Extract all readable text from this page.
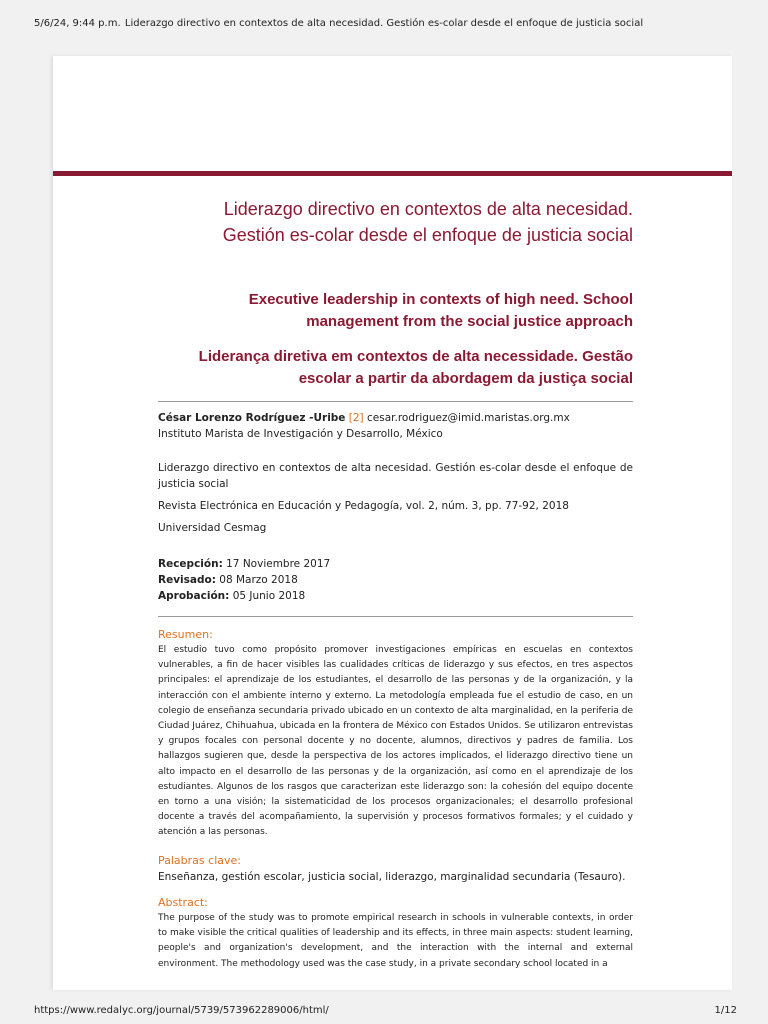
5/6/24, 9:44 p.m. Liderazgo directivo en contextos de alta necesidad. Gestión es-colar desde el enfoque de justicia social
Liderazgo directivo en contextos de alta necesidad. Gestión es-colar desde el enfoque de justicia social
Executive leadership in contexts of high need. School management from the social justice approach
Liderança diretiva em contextos de alta necessidade. Gestão escolar a partir da abordagem da justiça social
César Lorenzo Rodríguez -Uribe [2] cesar.rodriguez@imid.maristas.org.mx
Instituto Marista de Investigación y Desarrollo, México

Liderazgo directivo en contextos de alta necesidad. Gestión es-colar desde el enfoque de justicia social

Revista Electrónica en Educación y Pedagogía, vol. 2, núm. 3, pp. 77-92, 2018

Universidad Cesmag

Recepción: 17 Noviembre 2017
Revisado: 08 Marzo 2018
Aprobación: 05 Junio 2018

Resumen:

El estudio tuvo como propósito promover investigaciones empíricas en escuelas en contextos vulnerables, a fin de hacer visibles las cualidades críticas de liderazgo y sus efectos, en tres aspectos principales: el aprendizaje de los estudiantes, el desarrollo de las personas y de la organización, y la interacción con el ambiente interno y externo. La metodología empleada fue el estudio de caso, en un colegio de enseñanza secundaria privado ubicado en un contexto de alta marginalidad, en la periferia de Ciudad Juárez, Chihuahua, ubicada en la frontera de México con Estados Unidos. Se utilizaron entrevistas y grupos focales con personal docente y no docente, alumnos, directivos y padres de familia. Los hallazgos sugieren que, desde la perspectiva de los actores implicados, el liderazgo directivo tiene un alto impacto en el desarrollo de las personas y de la organización, así como en el aprendizaje de los estudiantes. Algunos de los rasgos que caracterizan este liderazgo son: la cohesión del equipo docente en torno a una visión; la sistematicidad de los procesos organizacionales; el desarrollo profesional docente a través del acompañamiento, la supervisión y procesos formativos formales; y el cuidado y atención a las personas.

Palabras clave:

Enseñanza, gestión escolar, justicia social, liderazgo, marginalidad secundaria (Tesauro).

Abstract:

The purpose of the study was to promote empirical research in schools in vulnerable contexts, in order to make visible the critical qualities of leadership and its effects, in three main aspects: student learning, people's and organization's development, and the interaction with the internal and external environment. The methodology used was the case study, in a private secondary school located in a

https://www.redalyc.org/journal/5739/573962289006/html/	1/12
